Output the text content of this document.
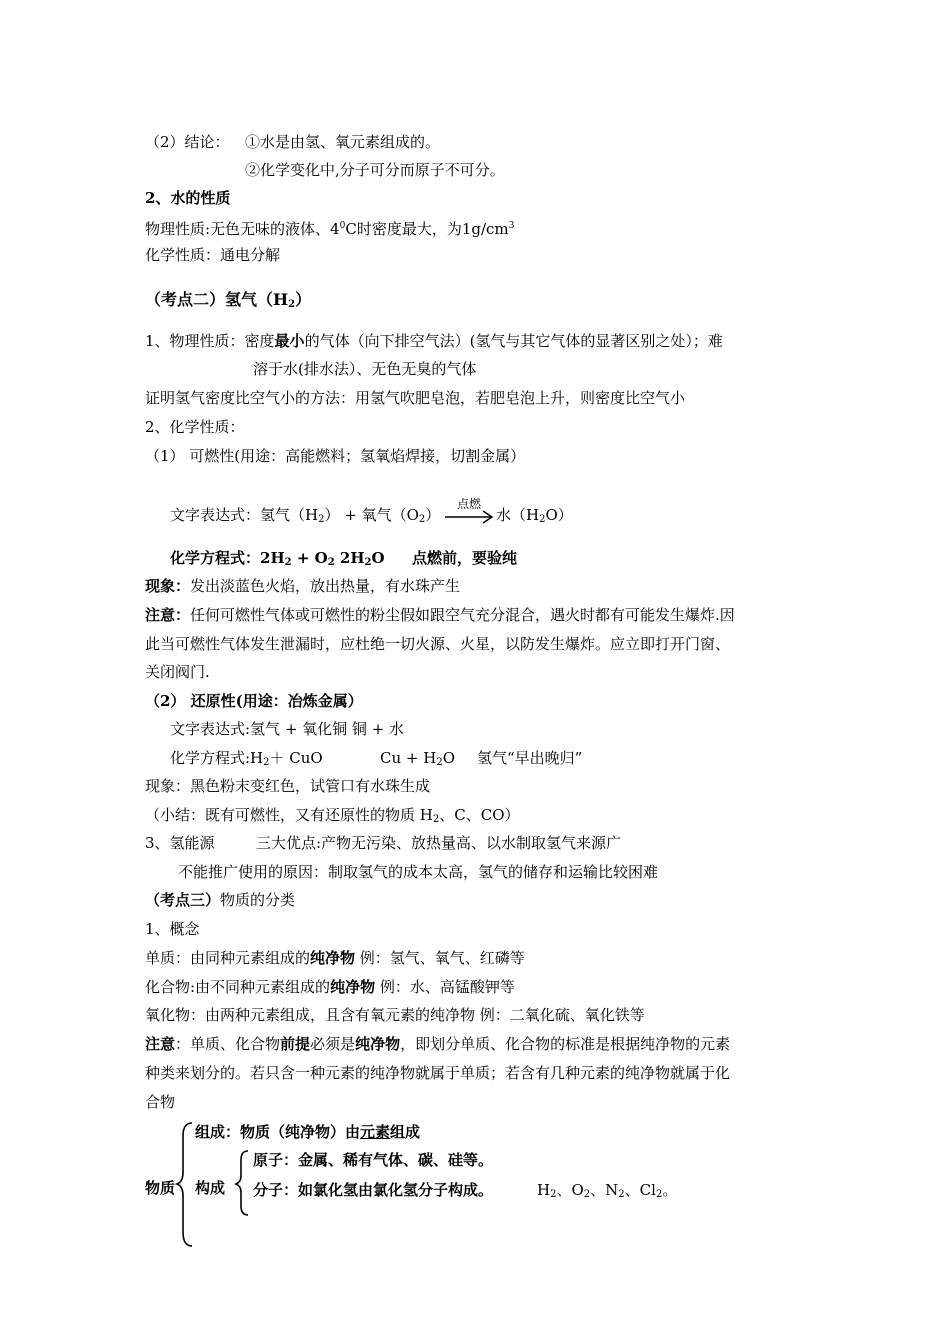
（2）结论： ①水是由氢、氧元素组成的。
②化学变化中,分子可分而原子不可分。
2、水的性质
物理性质:无色无味的液体、$4^0C$时密度最大，为$1g/cm^3$
化学性质：通电分解
（考点二）氢气$(H_2)$
1、物理性质：密度最小的气体（向下排空气法）(氢气与其它气体的显著区别之处）；难
溶于水(排水法）、无色无臭的气体
证明氢气密度比空气小的方法：用氢气吹肥皂泡，若肥皂泡上升，则密度比空气小
2、化学性质：
（1） 可燃性(用途：高能燃料；氢氧焰焊接，切割金属）
文字表达式：氢气$(H_2)$ + 氧气$(O_2)$
点燃
→ 水$(H_2O)$
化学方程式：$2H_2 + O_2$ $2H_2O$ 点燃前，要验纯
现象：发出淡蓝色火焰，放出热量，有水珠产生
注意：任何可燃性气体或可燃性的粉尘假如跟空气充分混合，遇火时都有可能发生爆炸.因
此当可燃性气体发生泄漏时，应杜绝一切火源、火星，以防发生爆炸。应立即打开门窗、
关闭阀门.
（2） 还原性(用途：冶炼金属）
文字表达式:氢气 + 氧化铜 铜 + 水
化学方程式$:H_2+$ CuO	$Cu + H_2O$ 氢气“早出晚归”
现象：黑色粉末变红色，试管口有水珠生成
（小结：既有可燃性，又有还原性的物质 $H_2$、C、CO）
3、氢能源	三大优点:产物无污染、放热量高、以水制取氢气来源广
不能推广使用的原因：制取氢气的成本太高，氢气的储存和运输比较困难
（考点三）物质的分类
1、概念
单质：由同种元素组成的纯净物 例：氢气、氧气、红磷等
化合物:由不同种元素组成的纯净物 例：水、高锰酸钾等
氧化物：由两种元素组成，且含有氧元素的纯净物 例：二氧化硫、氧化铁等
注意：单质、化合物前提必须是纯净物，即划分单质、化合物的标准是根据纯净物的元素
种类来划分的。若只含一种元素的纯净物就属于单质；若含有几种元素的纯净物就属于化
合物
物质
组成：物质（纯净物）由元素组成
构成
原子：金属、稀有气体、碳、硅等。
分子：如氯化氢由氯化氢分子构成。	$H_2$、$O_2$、$N_2$、$Cl_2$。
